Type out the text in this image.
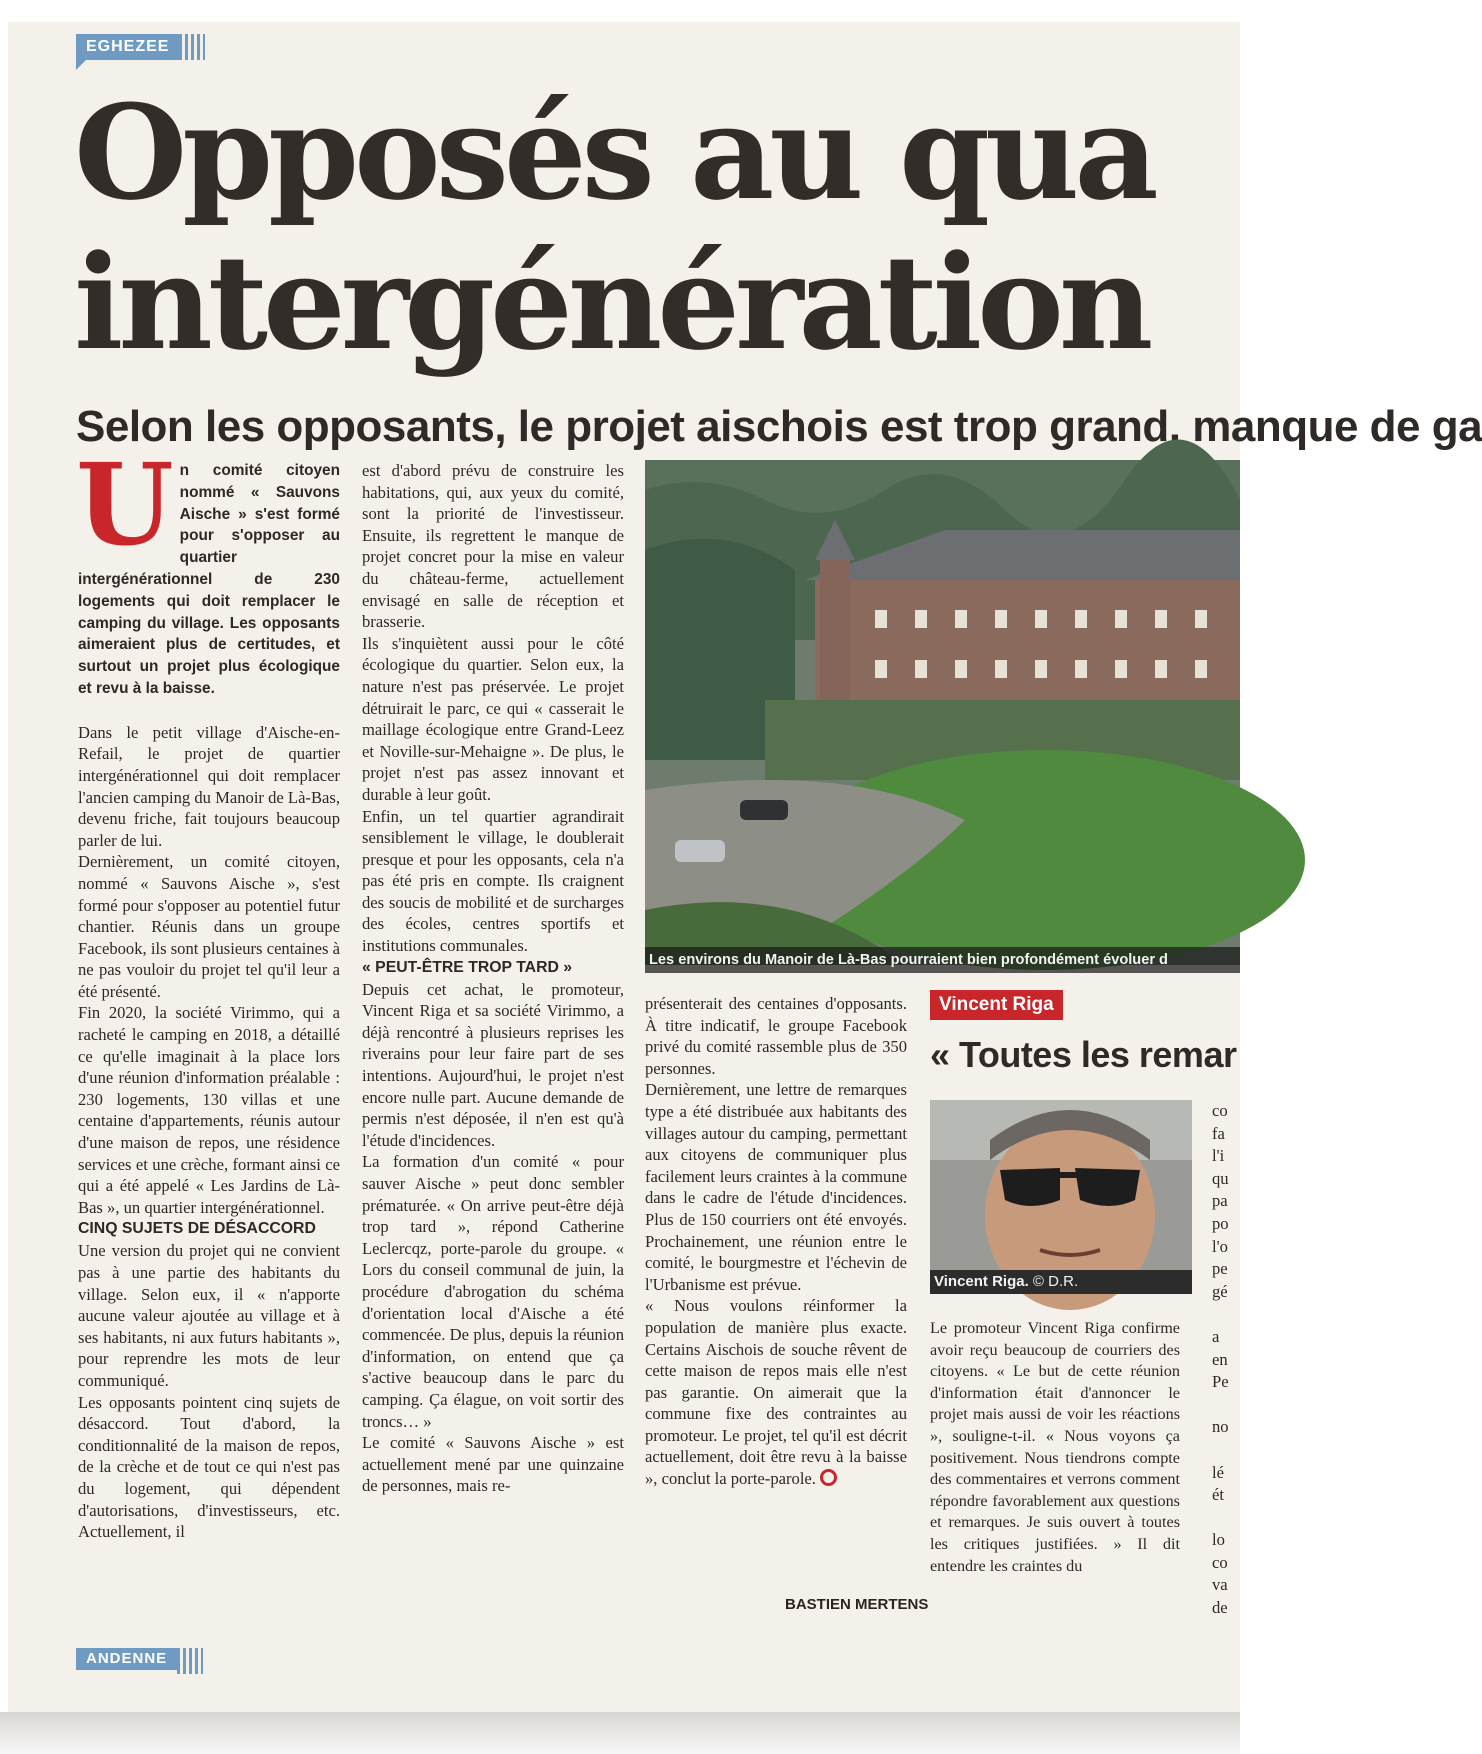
EGHEZEE
Opposés au qua
intergénération
Selon les opposants, le projet aischois est trop grand, manque de ga

Un comité citoyen nommé « Sauvons Aische » s'est formé pour s'opposer au quartier intergénérationnel de 230 logements qui doit remplacer le camping du village. Les opposants aimeraient plus de certitudes, et surtout un projet plus écologique et revu à la baisse.

Dans le petit village d'Aische-en-Refail, le projet de quartier intergénérationnel qui doit remplacer l'ancien camping du Manoir de Là-Bas, devenu friche, fait toujours beaucoup parler de lui.

Dernièrement, un comité citoyen, nommé « Sauvons Aische », s'est formé pour s'opposer au potentiel futur chantier. Réunis dans un groupe Facebook, ils sont plusieurs centaines à ne pas vouloir du projet tel qu'il leur a été présenté.

Fin 2020, la société Virimmo, qui a racheté le camping en 2018, a détaillé ce qu'elle imaginait à la place lors d'une réunion d'information préalable : 230 logements, 130 villas et une centaine d'appartements, réunis autour d'une maison de repos, une résidence services et une crèche, formant ainsi ce qui a été appelé « Les Jardins de Là-Bas », un quartier intergénérationnel.

CINQ SUJETS DE DÉSACCORD

Une version du projet qui ne convient pas à une partie des habitants du village. Selon eux, il « n'apporte aucune valeur ajoutée au village et à ses habitants, ni aux futurs habitants », pour reprendre les mots de leur communiqué.

Les opposants pointent cinq sujets de désaccord. Tout d'abord, la conditionnalité de la maison de repos, de la crèche et de tout ce qui n'est pas du logement, qui dépendent d'autorisations, d'investisseurs, etc. Actuellement, il

est d'abord prévu de construire les habitations, qui, aux yeux du comité, sont la priorité de l'investisseur. Ensuite, ils regrettent le manque de projet concret pour la mise en valeur du château-ferme, actuellement envisagé en salle de réception et brasserie.

Ils s'inquiètent aussi pour le côté écologique du quartier. Selon eux, la nature n'est pas préservée. Le projet détruirait le parc, ce qui « casserait le maillage écologique entre Grand-Leez et Noville-sur-Mehaigne ». De plus, le projet n'est pas assez innovant et durable à leur goût.

Enfin, un tel quartier agrandirait sensiblement le village, le doublerait presque et pour les opposants, cela n'a pas été pris en compte. Ils craignent des soucis de mobilité et de surcharges des écoles, centres sportifs et institutions communales.

« PEUT-ÊTRE TROP TARD »

Depuis cet achat, le promoteur, Vincent Riga et sa société Virimmo, a déjà rencontré à plusieurs reprises les riverains pour leur faire part de ses intentions. Aujourd'hui, le projet n'est encore nulle part. Aucune demande de permis n'est déposée, il n'en est qu'à l'étude d'incidences.

La formation d'un comité « pour sauver Aische » peut donc sembler prématurée. « On arrive peut-être déjà trop tard », répond Catherine Leclercqz, porte-parole du groupe. « Lors du conseil communal de juin, la procédure d'abrogation du schéma d'orientation local d'Aische a été commencée. De plus, depuis la réunion d'information, on entend que ça s'active beaucoup dans le parc du camping. Ça élague, on voit sortir des troncs… »

Le comité « Sauvons Aische » est actuellement mené par une quinzaine de personnes, mais re-

Les environs du Manoir de Là-Bas pourraient bien profondément évoluer d

présenterait des centaines d'opposants. À titre indicatif, le groupe Facebook privé du comité rassemble plus de 350 personnes.

Dernièrement, une lettre de remarques type a été distribuée aux habitants des villages autour du camping, permettant aux citoyens de communiquer plus facilement leurs craintes à la commune dans le cadre de l'étude d'incidences. Plus de 150 courriers ont été envoyés. Prochainement, une réunion entre le comité, le bourgmestre et l'échevin de l'Urbanisme est prévue.

« Nous voulons réinformer la population de manière plus exacte. Certains Aischois de souche rêvent de cette maison de repos mais elle n'est pas garantie. On aimerait que la commune fixe des contraintes au promoteur. Le projet, tel qu'il est décrit actuellement, doit être revu à la baisse », conclut la porte-parole.

BASTIEN MERTENS
Vincent Riga
« Toutes les remar
Vincent Riga. © D.R.

Le promoteur Vincent Riga confirme avoir reçu beaucoup de courriers des citoyens. « Le but de cette réunion d'information était d'annoncer le projet mais aussi de voir les réactions », souligne-t-il. « Nous voyons ça positivement. Nous tiendrons compte des commentaires et verrons comment répondre favorablement aux questions et remarques. Je suis ouvert à toutes les critiques justifiées. » Il dit entendre les craintes du

co
fa
l'i
qu
pa
po
l'o
pe
gé
a
en
Pe
no
lé
ét
lo
co
va
de
ANDENNE
